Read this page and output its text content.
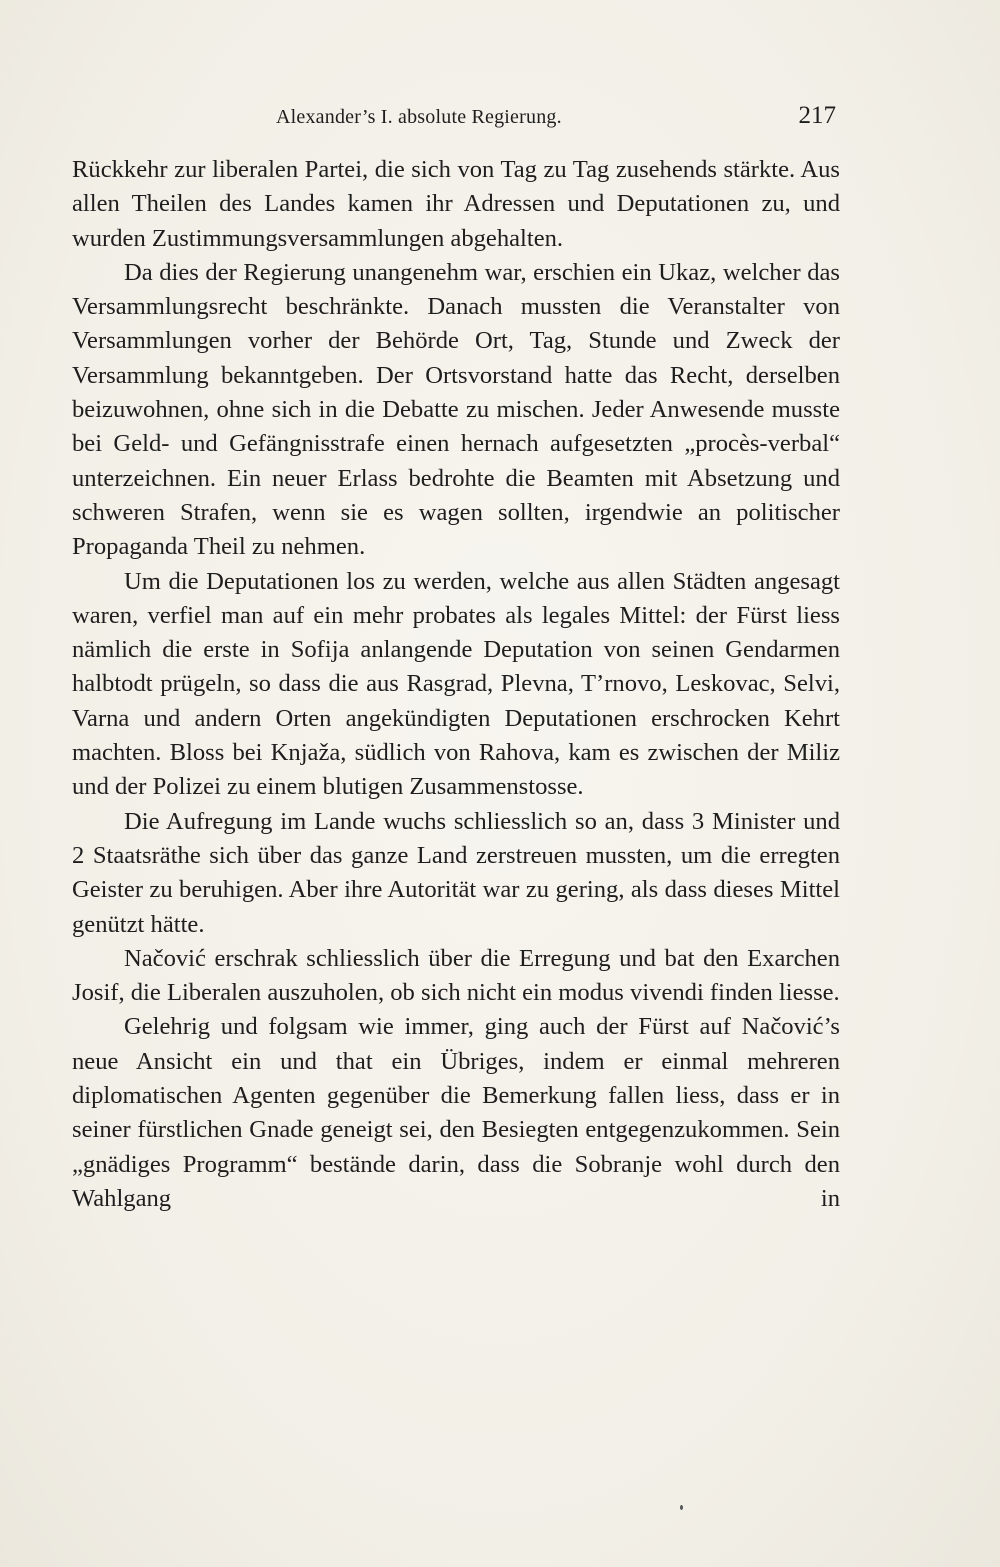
Alexander’s I. absolute Regierung.	217

Rückkehr zur liberalen Partei, die sich von Tag zu Tag zusehends stärkte. Aus allen Theilen des Landes kamen ihr Adressen und Deputationen zu, und wurden Zustimmungsversammlungen abgehalten.

Da dies der Regierung unangenehm war, erschien ein Ukaz, welcher das Versammlungsrecht beschränkte. Danach mussten die Veranstalter von Versammlungen vorher der Behörde Ort, Tag, Stunde und Zweck der Versammlung bekanntgeben. Der Ortsvorstand hatte das Recht, derselben beizuwohnen, ohne sich in die Debatte zu mischen. Jeder Anwesende musste bei Geld- und Gefängnisstrafe einen hernach aufgesetzten „procès-verbal“ unterzeichnen. Ein neuer Erlass bedrohte die Beamten mit Absetzung und schweren Strafen, wenn sie es wagen sollten, irgendwie an politischer Propaganda Theil zu nehmen.

Um die Deputationen los zu werden, welche aus allen Städten angesagt waren, verfiel man auf ein mehr probates als legales Mittel: der Fürst liess nämlich die erste in Sofija anlangende Deputation von seinen Gendarmen halbtodt prügeln, so dass die aus Rasgrad, Plevna, T’rnovo, Leskovac, Selvi, Varna und andern Orten angekündigten Deputationen erschrocken Kehrt machten. Bloss bei Knjaža, südlich von Rahova, kam es zwischen der Miliz und der Polizei zu einem blutigen Zusammenstosse.

Die Aufregung im Lande wuchs schliesslich so an, dass 3 Minister und 2 Staatsräthe sich über das ganze Land zerstreuen mussten, um die erregten Geister zu beruhigen. Aber ihre Autorität war zu gering, als dass dieses Mittel genützt hätte.

Načović erschrak schliesslich über die Erregung und bat den Exarchen Josif, die Liberalen auszuholen, ob sich nicht ein modus vivendi finden liesse.

Gelehrig und folgsam wie immer, ging auch der Fürst auf Načović’s neue Ansicht ein und that ein Übriges, indem er einmal mehreren diplomatischen Agenten gegenüber die Bemerkung fallen liess, dass er in seiner fürstlichen Gnade geneigt sei, den Besiegten entgegenzukommen. Sein „gnädiges Programm“ bestände darin, dass die Sobranje wohl durch den Wahlgang in
